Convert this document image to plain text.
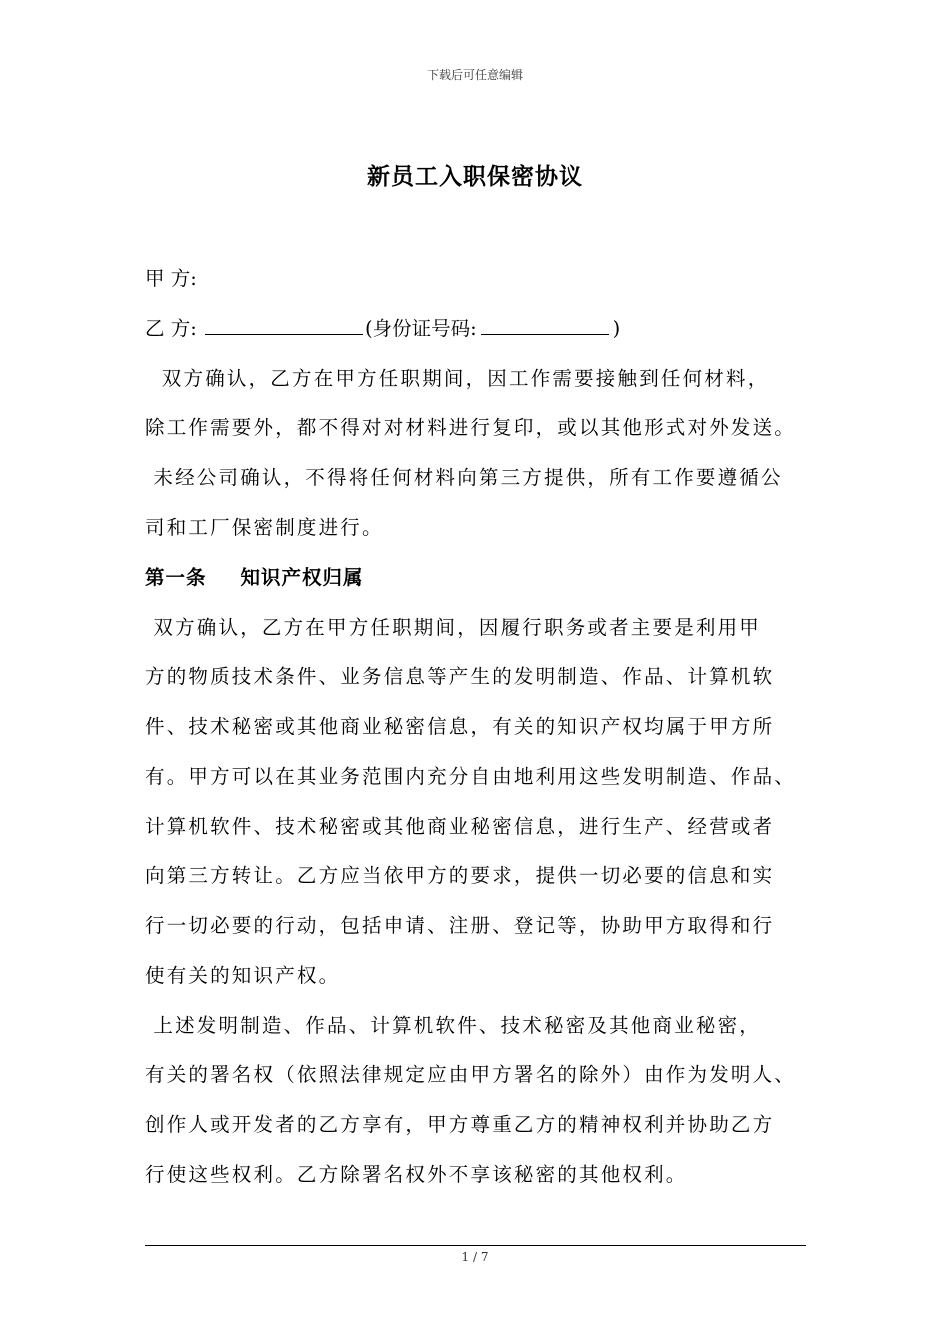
下载后可任意编辑
新员工入职保密协议
甲 方:
乙 方:	(身份证号码:	)
双方确认，乙方在甲方任职期间，因工作需要接触到任何材料，
除工作需要外，都不得对对材料进行复印，或以其他形式对外发送。
未经公司确认，不得将任何材料向第三方提供，所有工作要遵循公
司和工厂保密制度进行。
第一条 知识产权归属
双方确认，乙方在甲方任职期间，因履行职务或者主要是利用甲
方的物质技术条件、业务信息等产生的发明制造、作品、计算机软
件、技术秘密或其他商业秘密信息，有关的知识产权均属于甲方所
有。甲方可以在其业务范围内充分自由地利用这些发明制造、作品、
计算机软件、技术秘密或其他商业秘密信息，进行生产、经营或者
向第三方转让。乙方应当依甲方的要求，提供一切必要的信息和实
行一切必要的行动，包括申请、注册、登记等，协助甲方取得和行
使有关的知识产权。
上述发明制造、作品、计算机软件、技术秘密及其他商业秘密，
有关的署名权（依照法律规定应由甲方署名的除外）由作为发明人、
创作人或开发者的乙方享有，甲方尊重乙方的精神权利并协助乙方
行使这些权利。乙方除署名权外不享该秘密的其他权利。
1 / 7
